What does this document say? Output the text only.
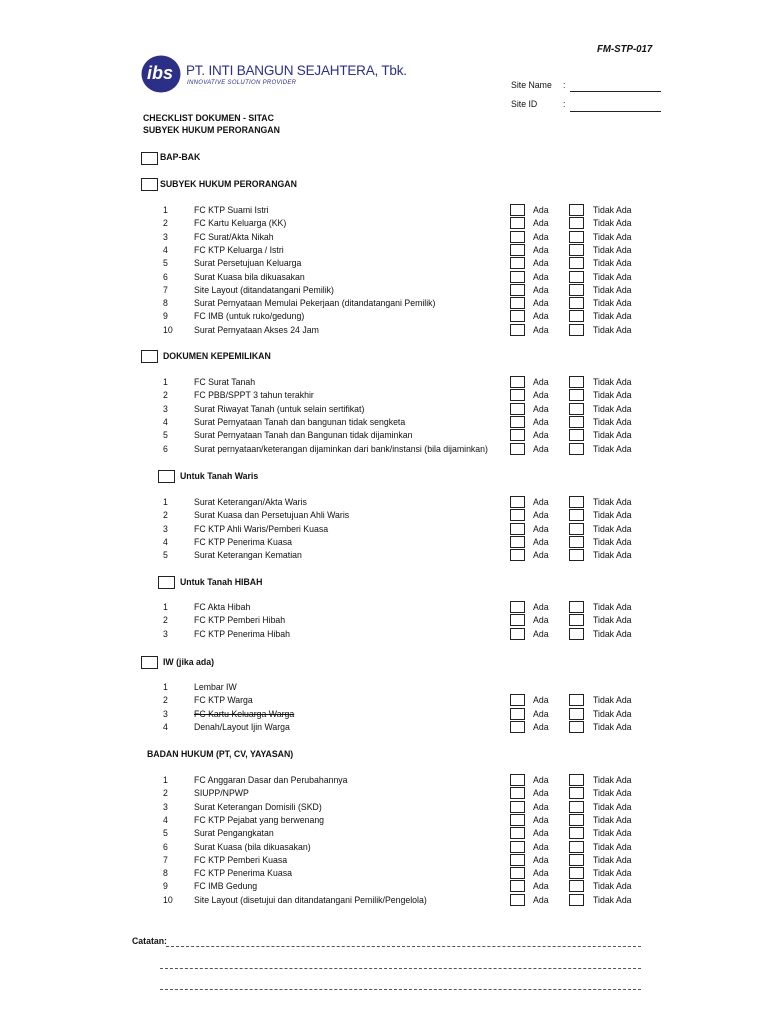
FM-STP-017
ibs PT. INTI BANGUN SEJAHTERA, Tbk.
INNOVATIVE SOLUTION PROVIDER	Site Name :
Site ID	:
CHECKLIST DOKUMEN - SITAC
SUBYEK HUKUM PERORANGAN
BAP-BAK
SUBYEK HUKUM PERORANGAN
1	FC KTP Suami Istri	Ada	Tidak Ada
2	FC Kartu Keluarga (KK)	Ada	Tidak Ada
3	FC Surat/Akta Nikah	Ada	Tidak Ada
4	FC KTP Keluarga / Istri	Ada	Tidak Ada
5	Surat Persetujuan Keluarga	Ada	Tidak Ada
6	Surat Kuasa bila dikuasakan	Ada	Tidak Ada
7	Site Layout (ditandatangani Pemilik)	Ada	Tidak Ada
8	Surat Pernyataan Memulai Pekerjaan (ditandatangani Pemilik)	Ada	Tidak Ada
9	FC IMB (untuk ruko/gedung)	Ada	Tidak Ada
10 Surat Pernyataan Akses 24 Jam	Ada	Tidak Ada
DOKUMEN KEPEMILIKAN
1	FC Surat Tanah	Ada	Tidak Ada
2	FC PBB/SPPT 3 tahun terakhir	Ada	Tidak Ada
3	Surat Riwayat Tanah (untuk selain sertifikat)	Ada	Tidak Ada
4	Surat Pernyataan Tanah dan bangunan tidak sengketa	Ada	Tidak Ada
5	Surat Pernyataan Tanah dan Bangunan tidak dijaminkan	Ada	Tidak Ada
6	Surat pernyataan/keterangan dijaminkan dari bank/instansi (bila dijaminkan)	Ada	Tidak Ada
Untuk Tanah Waris
1	Surat Keterangan/Akta Waris	Ada	Tidak Ada
2	Surat Kuasa dan Persetujuan Ahli Waris	Ada	Tidak Ada
3	FC KTP Ahli Waris/Pemberi Kuasa	Ada	Tidak Ada
4	FC KTP Penerima Kuasa	Ada	Tidak Ada
5	Surat Keterangan Kematian	Ada	Tidak Ada
Untuk Tanah HIBAH
1	FC Akta Hibah	Ada	Tidak Ada
2	FC KTP Pemberi Hibah	Ada	Tidak Ada
3	FC KTP Penerima Hibah	Ada	Tidak Ada
IW (jika ada)
1	Lembar IW
2	FC KTP Warga	Ada	Tidak Ada
3	FC Kartu Keluarga Warga	Ada	Tidak Ada
4	Denah/Layout Ijin Warga	Ada	Tidak Ada
BADAN HUKUM (PT, CV, YAYASAN)
1	FC Anggaran Dasar dan Perubahannya	Ada	Tidak Ada
2	SIUPP/NPWP	Ada	Tidak Ada
3	Surat Keterangan Domisili (SKD)	Ada	Tidak Ada
4	FC KTP Pejabat yang berwenang	Ada	Tidak Ada
5	Surat Pengangkatan	Ada	Tidak Ada
6	Surat Kuasa (bila dikuasakan)	Ada	Tidak Ada
7	FC KTP Pemberi Kuasa	Ada	Tidak Ada
8	FC KTP Penerima Kuasa	Ada	Tidak Ada
9	FC IMB Gedung	Ada	Tidak Ada
10 Site Layout (disetujui dan ditandatangani Pemilik/Pengelola)	Ada	Tidak Ada
Catatan:
